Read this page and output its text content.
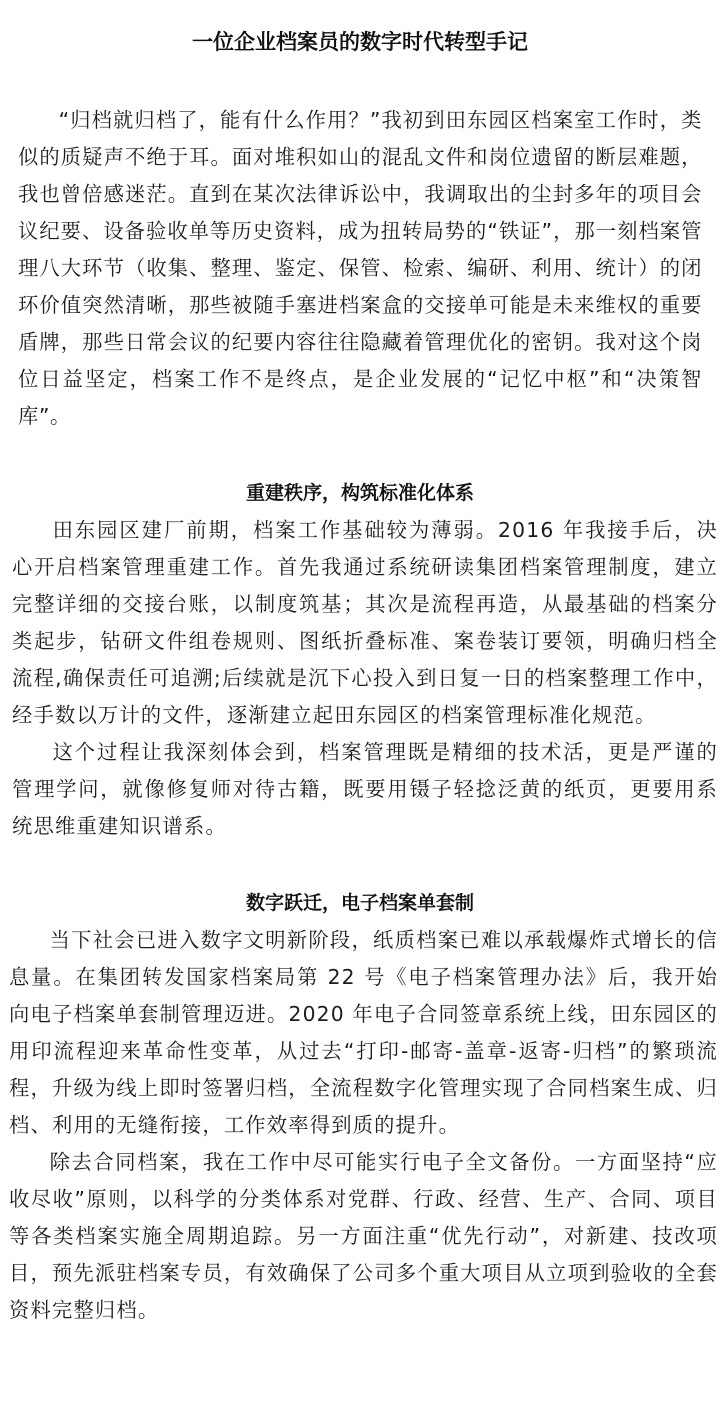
一位企业档案员的数字时代转型手记

“归档就归档了，能有什么作用？”我初到田东园区档案室工作时，类似的质疑声不绝于耳。面对堆积如山的混乱文件和岗位遗留的断层难题，我也曾倍感迷茫。直到在某次法律诉讼中，我调取出的尘封多年的项目会议纪要、设备验收单等历史资料，成为扭转局势的“铁证”，那一刻档案管理八大环节（收集、整理、鉴定、保管、检索、编研、利用、统计）的闭环价值突然清晰，那些被随手塞进档案盒的交接单可能是未来维权的重要盾牌，那些日常会议的纪要内容往往隐藏着管理优化的密钥。我对这个岗位日益坚定，档案工作不是终点，是企业发展的“记忆中枢”和“决策智库”。

重建秩序，构筑标准化体系

田东园区建厂前期，档案工作基础较为薄弱。2016 年我接手后，决心开启档案管理重建工作。首先我通过系统研读集团档案管理制度，建立完整详细的交接台账，以制度筑基；其次是流程再造，从最基础的档案分类起步，钻研文件组卷规则、图纸折叠标准、案卷装订要领，明确归档全流程,确保责任可追溯;后续就是沉下心投入到日复一日的档案整理工作中，经手数以万计的文件，逐渐建立起田东园区的档案管理标准化规范。

这个过程让我深刻体会到，档案管理既是精细的技术活，更是严谨的管理学问，就像修复师对待古籍，既要用镊子轻捻泛黄的纸页，更要用系统思维重建知识谱系。

数字跃迁，电子档案单套制

当下社会已进入数字文明新阶段，纸质档案已难以承载爆炸式增长的信息量。在集团转发国家档案局第 22 号《电子档案管理办法》后，我开始向电子档案单套制管理迈进。2020 年电子合同签章系统上线，田东园区的用印流程迎来革命性变革，从过去“打印-邮寄-盖章-返寄-归档”的繁琐流程，升级为线上即时签署归档，全流程数字化管理实现了合同档案生成、归档、利用的无缝衔接，工作效率得到质的提升。

除去合同档案，我在工作中尽可能实行电子全文备份。一方面坚持“应收尽收”原则，以科学的分类体系对党群、行政、经营、生产、合同、项目等各类档案实施全周期追踪。另一方面注重“优先行动”，对新建、技改项目，预先派驻档案专员，有效确保了公司多个重大项目从立项到验收的全套资料完整归档。
